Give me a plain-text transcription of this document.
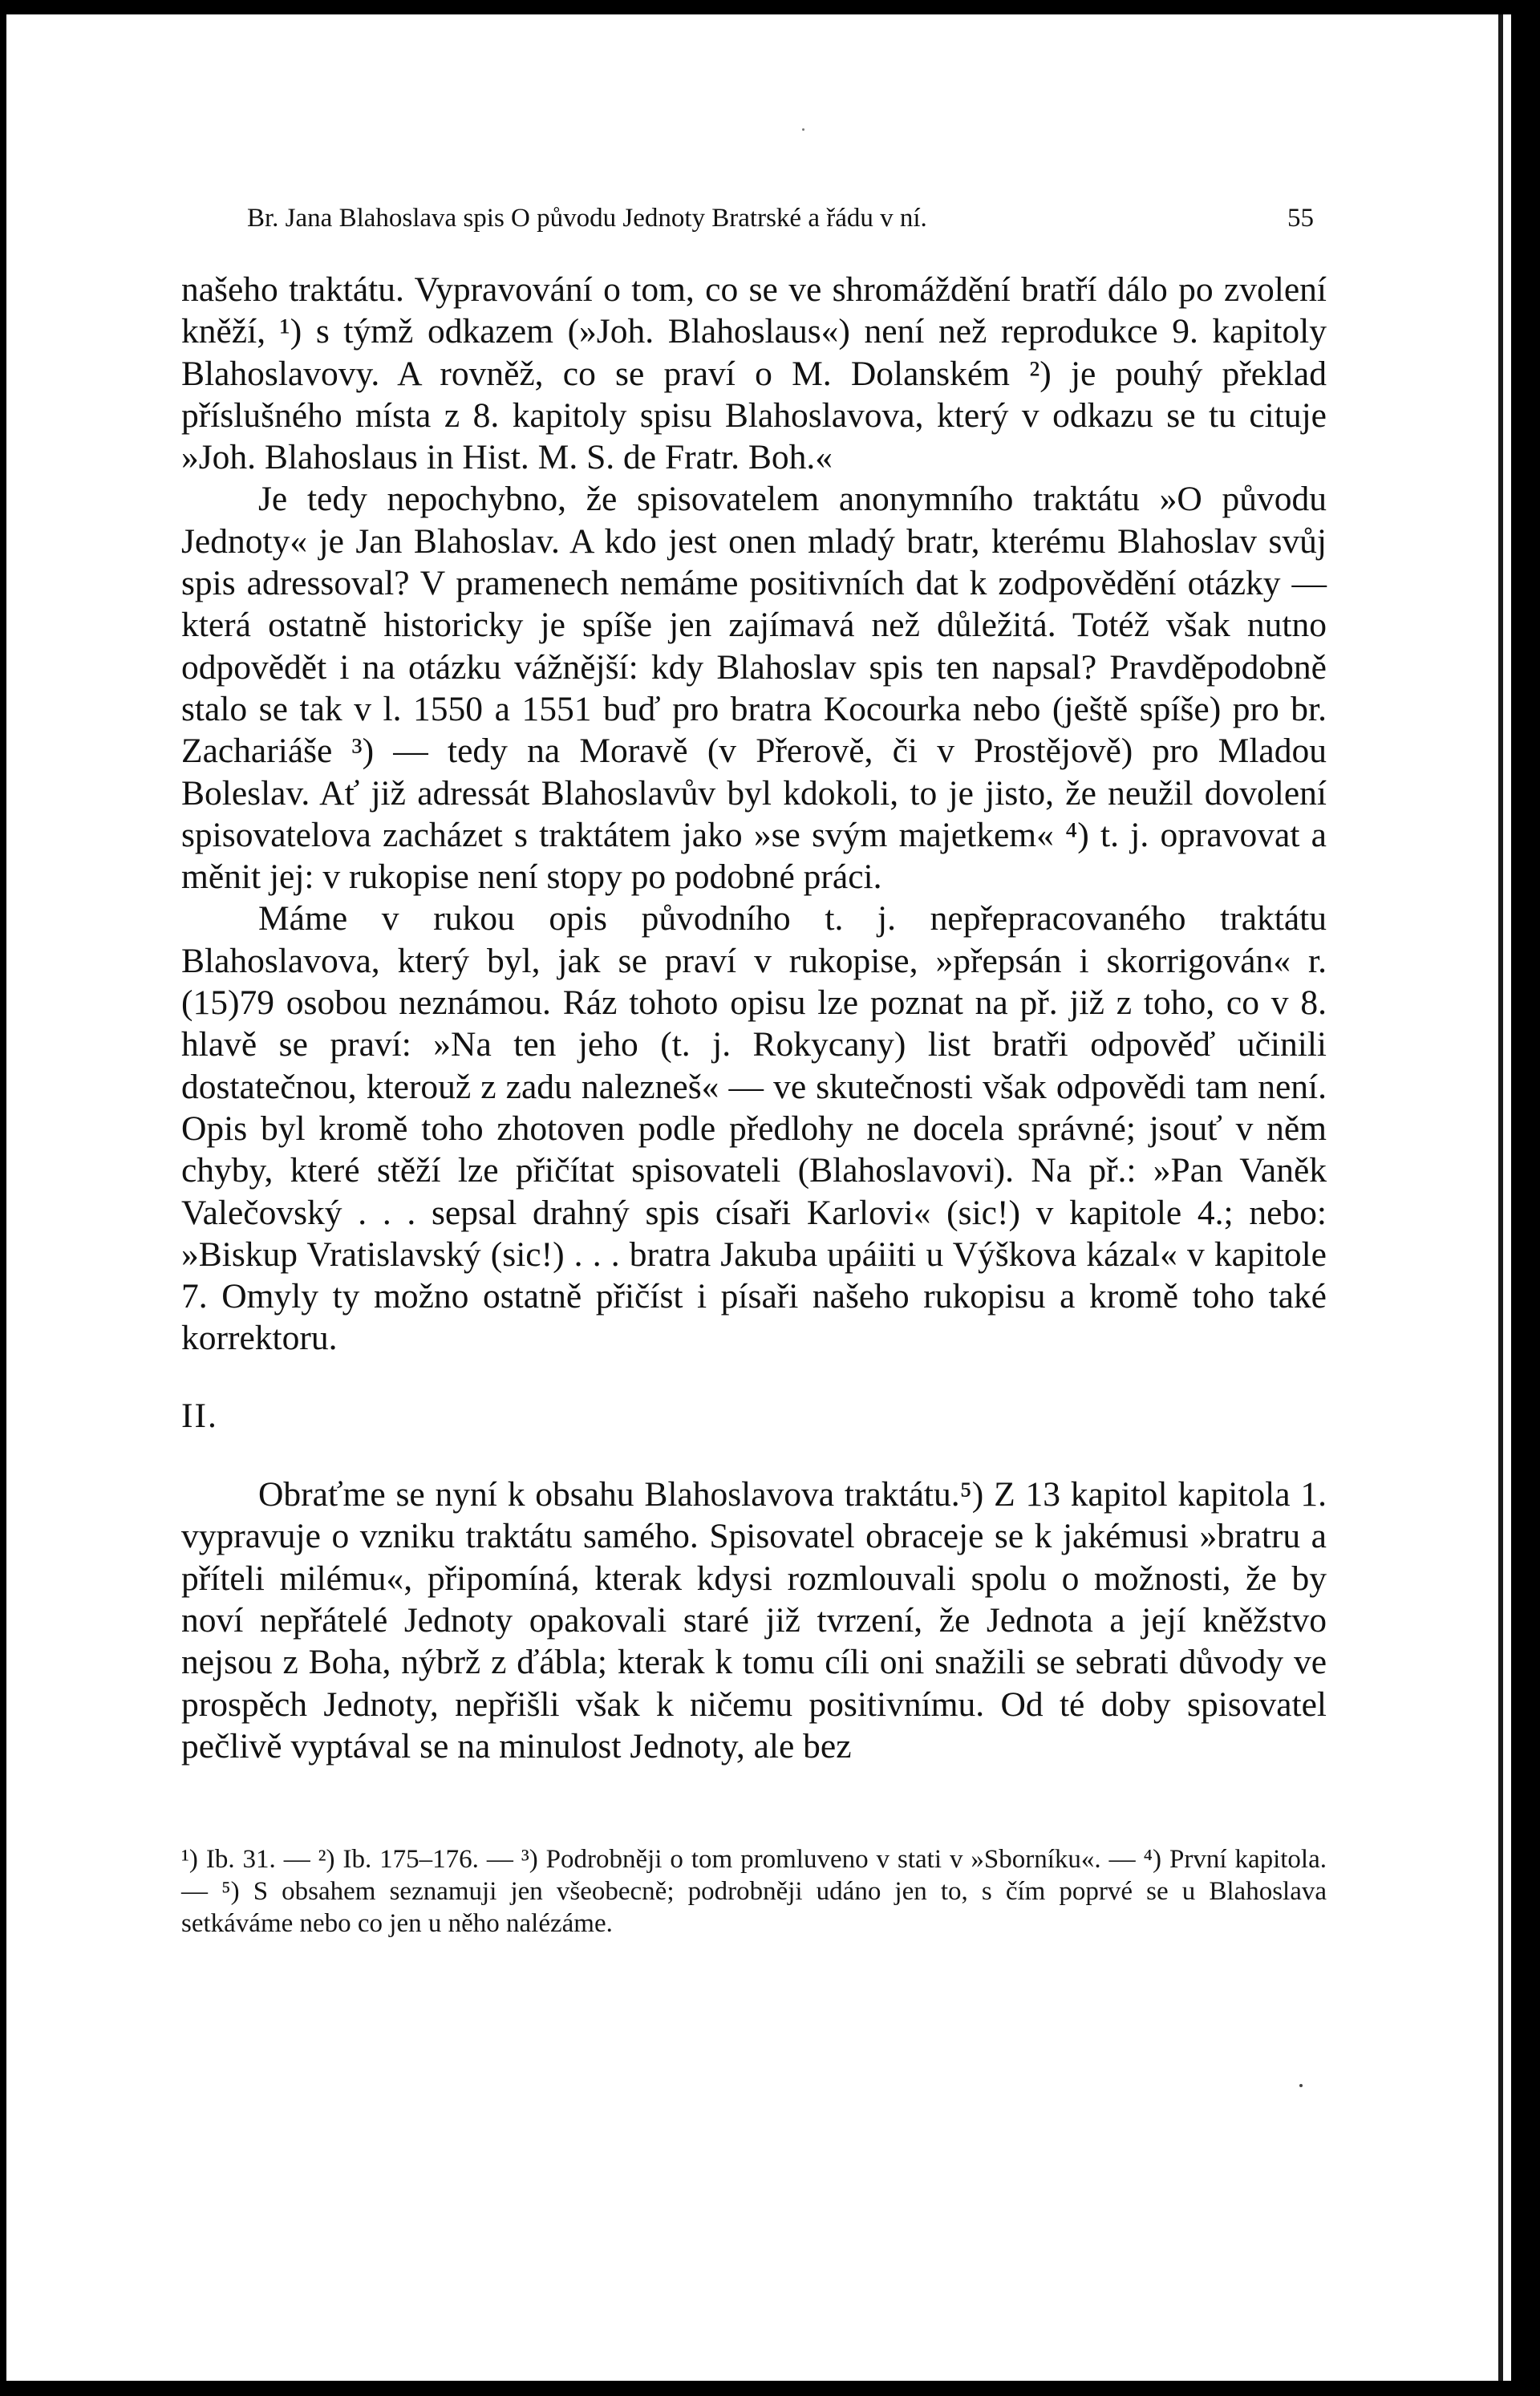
Br. Jana Blahoslava spis O původu Jednoty Bratrské a řádu v ní.	55

našeho traktátu. Vypravování o tom, co se ve shromáždění bratří dálo po zvolení kněží, ¹) s týmž odkazem (»Joh. Blahoslaus«) není než reprodukce 9. kapitoly Blahoslavovy. A rovněž, co se praví o M. Dolanském ²) je pouhý překlad příslušného místa z 8. kapitoly spisu Blahoslavova, který v odkazu se tu cituje »Joh. Blahoslaus in Hist. M. S. de Fratr. Boh.«

Je tedy nepochybno, že spisovatelem anonymního traktátu »O původu Jednoty« je Jan Blahoslav. A kdo jest onen mladý bratr, kterému Blahoslav svůj spis adressoval? V pramenech nemáme positivních dat k zodpovědění otázky — která ostatně historicky je spíše jen zajímavá než důležitá. Totéž však nutno odpovědět i na otázku vážnější: kdy Blahoslav spis ten napsal? Pravděpodobně stalo se tak v l. 1550 a 1551 buď pro bratra Kocourka nebo (ještě spíše) pro br. Zachariáše ³) — tedy na Moravě (v Přerově, či v Prostějově) pro Mladou Boleslav. Ať již adressát Blahoslavův byl kdokoli, to je jisto, že neužil dovolení spisovatelova zacházet s traktátem jako »se svým majetkem« ⁴) t. j. opravovat a měnit jej: v rukopise není stopy po podobné práci.

Máme v rukou opis původního t. j. nepřepracovaného traktátu Blahoslavova, který byl, jak se praví v rukopise, »přepsán i skorrigován« r. (15)79 osobou neznámou. Ráz tohoto opisu lze poznat na př. již z toho, co v 8. hlavě se praví: »Na ten jeho (t. j. Rokycany) list bratři odpověď učinili dostatečnou, kterouž z zadu nalezneš« — ve skutečnosti však odpovědi tam není. Opis byl kromě toho zhotoven podle předlohy ne docela správné; jsouť v něm chyby, které stěží lze přičítat spisovateli (Blahoslavovi). Na př.: »Pan Vaněk Valečovský . . . sepsal drahný spis císaři Karlovi« (sic!) v kapitole 4.; nebo: »Biskup Vratislavský (sic!) . . . bratra Jakuba upáiiti u Výškova kázal« v kapitole 7. Omyly ty možno ostatně přičíst i písaři našeho rukopisu a kromě toho také korrektoru.

II.

Obraťme se nyní k obsahu Blahoslavova traktátu.⁵) Z 13 kapitol kapitola 1. vypravuje o vzniku traktátu samého. Spisovatel obraceje se k jakémusi »bratru a příteli milému«, připomíná, kterak kdysi rozmlouvali spolu o možnosti, že by noví nepřátelé Jednoty opakovali staré již tvrzení, že Jednota a její kněžstvo nejsou z Boha, nýbrž z ďábla; kterak k tomu cíli oni snažili se sebrati důvody ve prospěch Jednoty, nepřišli však k ničemu positivnímu. Od té doby spisovatel pečlivě vyptával se na minulost Jednoty, ale bez

¹) Ib. 31. — ²) Ib. 175–176. — ³) Podrobněji o tom promluveno v stati v »Sborníku«. — ⁴) První kapitola. — ⁵) S obsahem seznamuji jen všeobecně; podrobněji udáno jen to, s čím poprvé se u Blahoslava setkáváme nebo co jen u něho nalézáme.
